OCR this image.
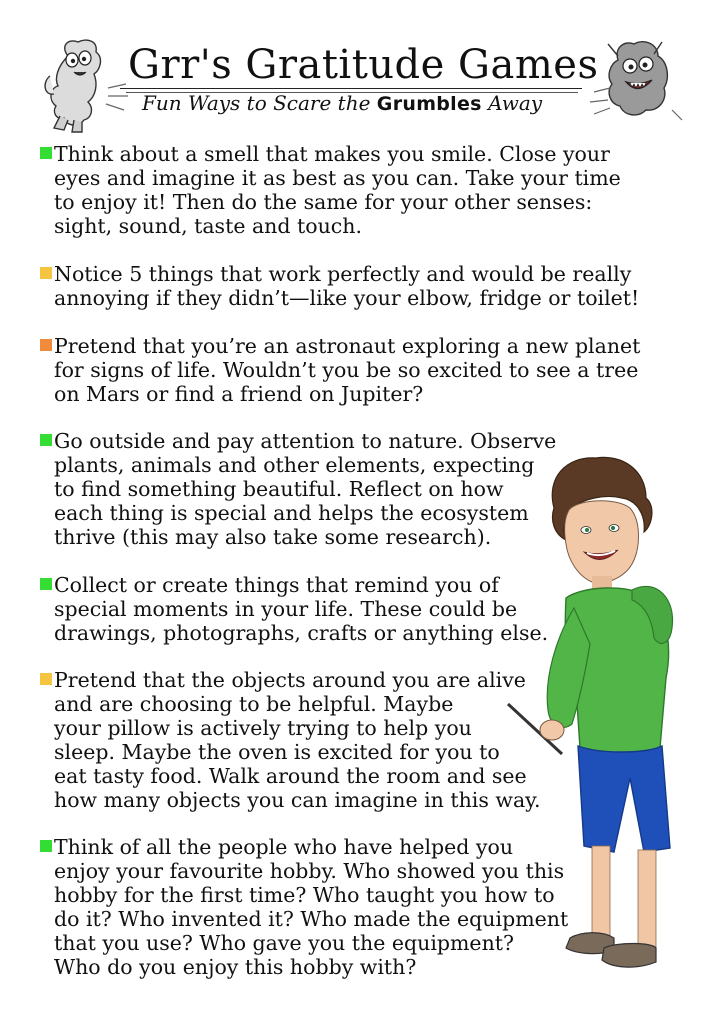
Grr's Gratitude Games
Fun Ways to Scare the Grumbles Away
Think about a smell that makes you smile. Close your
eyes and imagine it as best as you can. Take your time
to enjoy it! Then do the same for your other senses:
sight, sound, taste and touch.
Notice 5 things that work perfectly and would be really
annoying if they didn’t—like your elbow, fridge or toilet!
Pretend that you’re an astronaut exploring a new planet
for signs of life. Wouldn’t you be so excited to see a tree
on Mars or find a friend on Jupiter?
Go outside and pay attention to nature. Observe
plants, animals and other elements, expecting
to find something beautiful. Reflect on how
each thing is special and helps the ecosystem
thrive (this may also take some research).
Collect or create things that remind you of
special moments in your life. These could be
drawings, photographs, crafts or anything else.
Pretend that the objects around you are alive
and are choosing to be helpful. Maybe
your pillow is actively trying to help you
sleep. Maybe the oven is excited for you to
eat tasty food. Walk around the room and see
how many objects you can imagine in this way.
Think of all the people who have helped you
enjoy your favourite hobby. Who showed you this
hobby for the first time? Who taught you how to
do it? Who invented it? Who made the equipment
that you use? Who gave you the equipment?
Who do you enjoy this hobby with?
